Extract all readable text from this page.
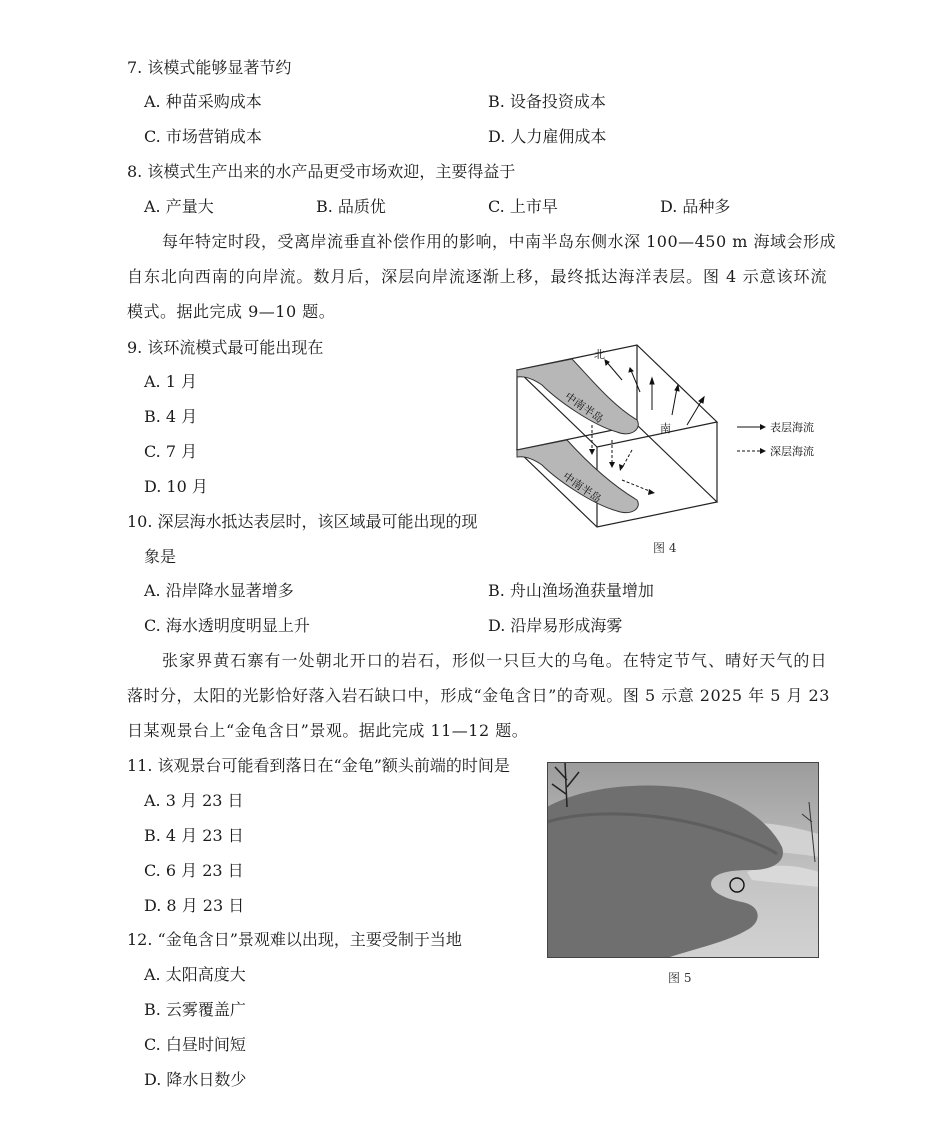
7. 该模式能够显著节约
A. 种苗采购成本	B. 设备投资成本
C. 市场营销成本	D. 人力雇佣成本
8. 该模式生产出来的水产品更受市场欢迎，主要得益于
A. 产量大	B. 品质优	C. 上市早	D. 品种多
每年特定时段，受离岸流垂直补偿作用的影响，中南半岛东侧水深 100—450 m 海域会形成
自东北向西南的向岸流。数月后，深层向岸流逐渐上移，最终抵达海洋表层。图 4 示意该环流
模式。据此完成 9—10 题。
9. 该环流模式最可能出现在
A. 1 月
B. 4 月
C. 7 月
D. 10 月
中南半岛
中南半岛
北
南	表层海流
深层海流
图 4
10. 深层海水抵达表层时，该区域最可能出现的现
象是
A. 沿岸降水显著增多	B. 舟山渔场渔获量增加
C. 海水透明度明显上升	D. 沿岸易形成海雾
张家界黄石寨有一处朝北开口的岩石，形似一只巨大的乌龟。在特定节气、晴好天气的日
落时分，太阳的光影恰好落入岩石缺口中，形成“金龟含日”的奇观。图 5 示意 2025 年 5 月 23
日某观景台上“金龟含日”景观。据此完成 11—12 题。
11. 该观景台可能看到落日在“金龟”额头前端的时间是
A. 3 月 23 日
B. 4 月 23 日
C. 6 月 23 日
D. 8 月 23 日
图 5
12. “金龟含日”景观难以出现，主要受制于当地
A. 太阳高度大
B. 云雾覆盖广
C. 白昼时间短
D. 降水日数少
